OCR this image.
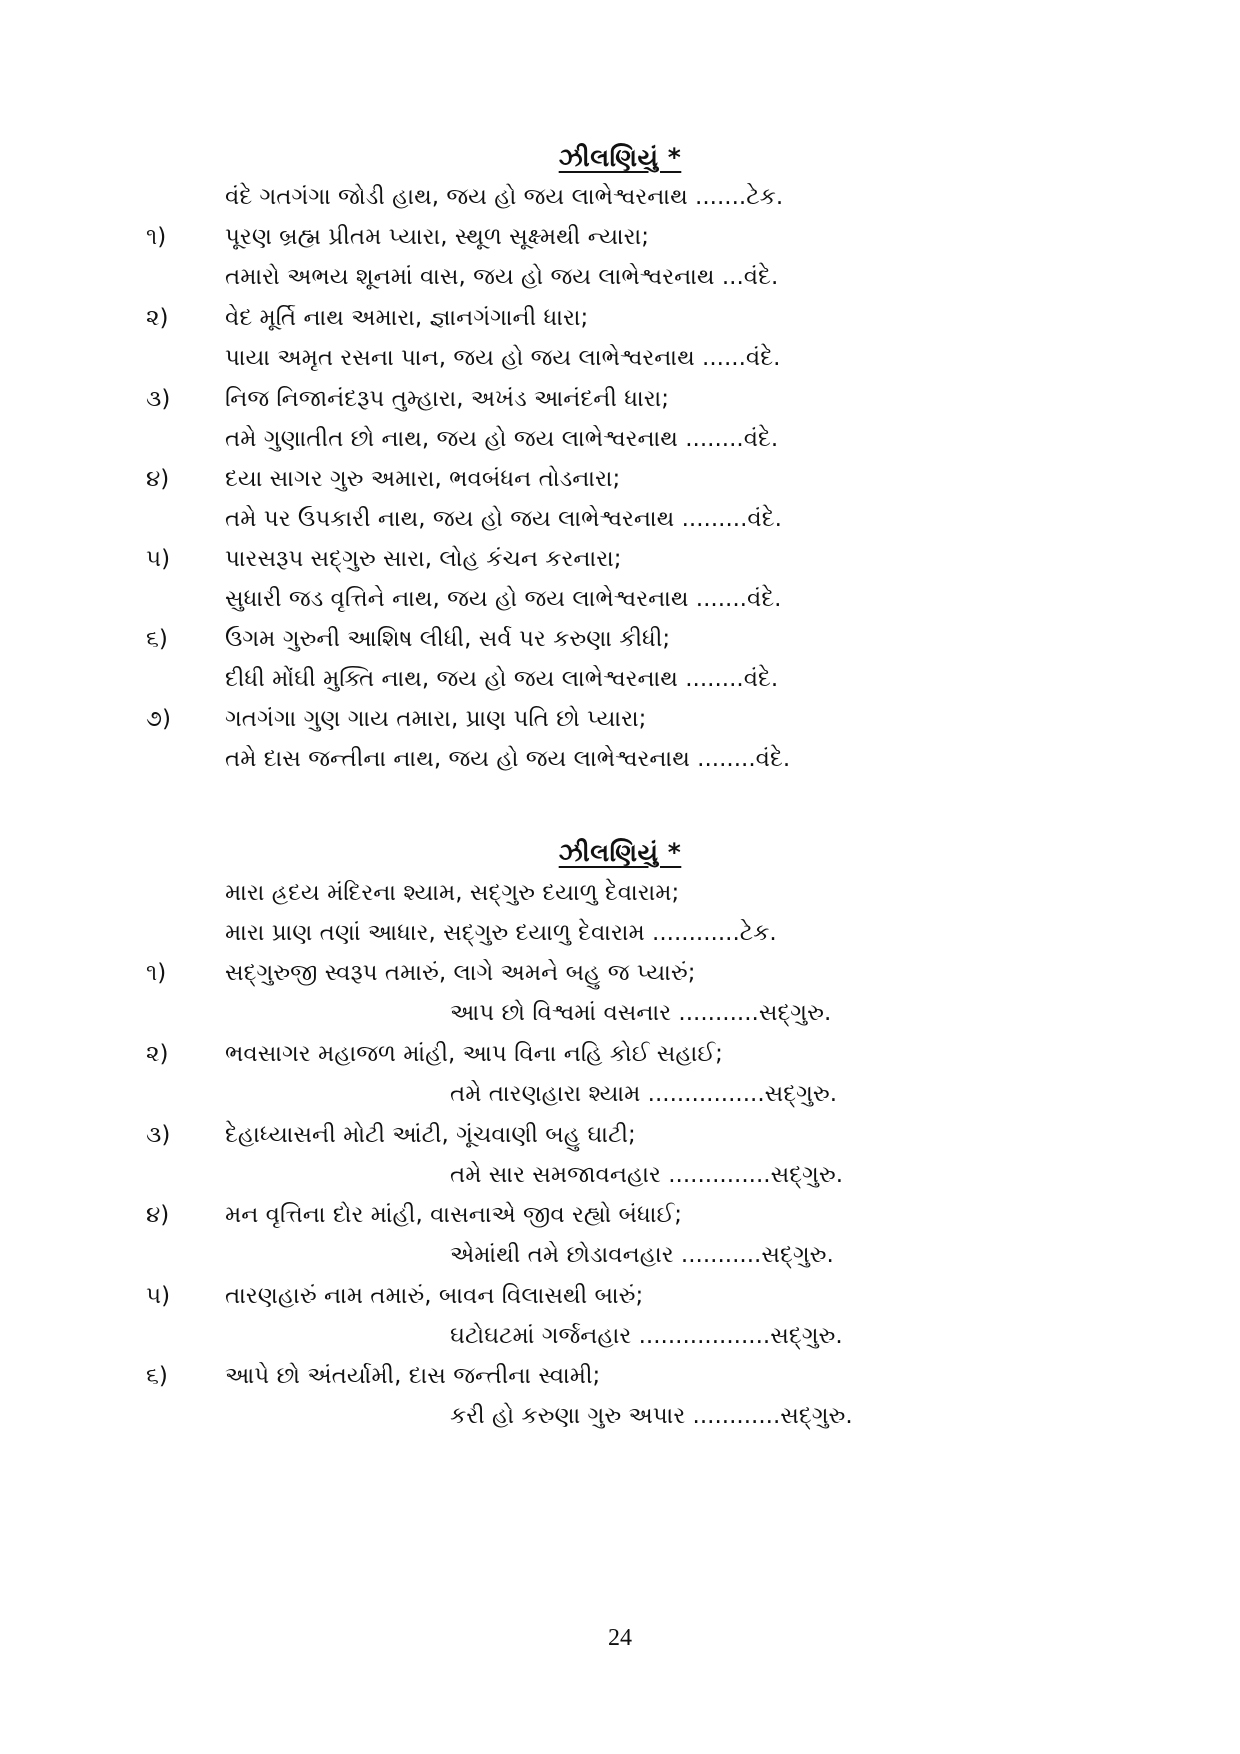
ઝીલણિયું *
વંદે ગતગંગા જોડી હાથ, જય હો જય લાભેશ્વરનાથ .......ટેક.
૧)	પૂરણ બ્રહ્મ પ્રીતમ પ્યારા, સ્થૂળ સૂક્ષ્મથી ન્યારા;
તમારો અભય શૂનમાં વાસ, જય હો જય લાભેશ્વરનાથ ...વંદે.
૨) વેદ મૂર્તિ નાથ અમારા, જ્ઞાનગંગાની ધારા;
પાયા અમૃત રસના પાન, જય હો જય લાભેશ્વરનાથ ......વંદે.
૩) નિજ નિજાનંદરૂપ તુમ્હારા, અખંડ આનંદની ધારા;
તમે ગુણાતીત છો નાથ, જય હો જય લાભેશ્વરનાથ ........વંદે.
૪) દયા સાગર ગુરુ અમારા, ભવબંધન તોડનારા;
તમે પર ઉપકારી નાથ, જય હો જય લાભેશ્વરનાથ .........વંદે.
૫) પારસરૂપ સદ્‌ગુરુ સારા, લોહ કંચન કરનારા;
સુધારી જડ વૃત્તિને નાથ, જય હો જય લાભેશ્વરનાથ .......વંદે.
૬) ઉગમ ગુરુની આશિષ લીધી, સર્વ પર કરુણા કીધી;
દીધી મોંઘી મુક્તિ નાથ, જય હો જય લાભેશ્વરનાથ ........વંદે.
૭) ગતગંગા ગુણ ગાય તમારા, પ્રાણ પતિ છો પ્યારા;
તમે દાસ જન્તીના નાથ, જય હો જય લાભેશ્વરનાથ ........વંદે.
ઝીલણિયું *
મારા હ્રદય મંદિરના શ્યામ, સદ્‌ગુરુ દયાળુ દેવારામ;
મારા પ્રાણ તણાં આધાર, સદ્‌ગુરુ દયાળુ દેવારામ ............ટેક.
૧)	સદ્‌ગુરુજી સ્વરૂપ તમારું, લાગે અમને બહુ જ પ્યારું;
આપ છો વિશ્વમાં વસનાર ...........સદ્‌ગુરુ.
૨) ભવસાગર મહાજળ માંહી, આપ વિના નહિ કોઈ સહાઈ;
તમે તારણહારા શ્યામ ................સદ્‌ગુરુ.
૩) દેહાધ્યાસની મોટી આંટી, ગૂંચવાણી બહુ ઘાટી;
તમે સાર સમજાવનહાર ..............સદ્‌ગુરુ.
૪) મન વૃત્તિના દોર માંહી, વાસનાએ જીવ રહ્યો બંધાઈ;
એમાંથી તમે છોડાવનહાર ...........સદ્‌ગુરુ.
૫) તારણહારું નામ તમારું, બાવન વિલાસથી બારું;
ઘટોઘટમાં ગર્જનહાર ..................સદ્‌ગુરુ.
૬) આપે છો અંતર્યામી, દાસ જન્તીના સ્વામી;
કરી હો કરુણા ગુરુ અપાર ............સદ્‌ગુરુ.
24
